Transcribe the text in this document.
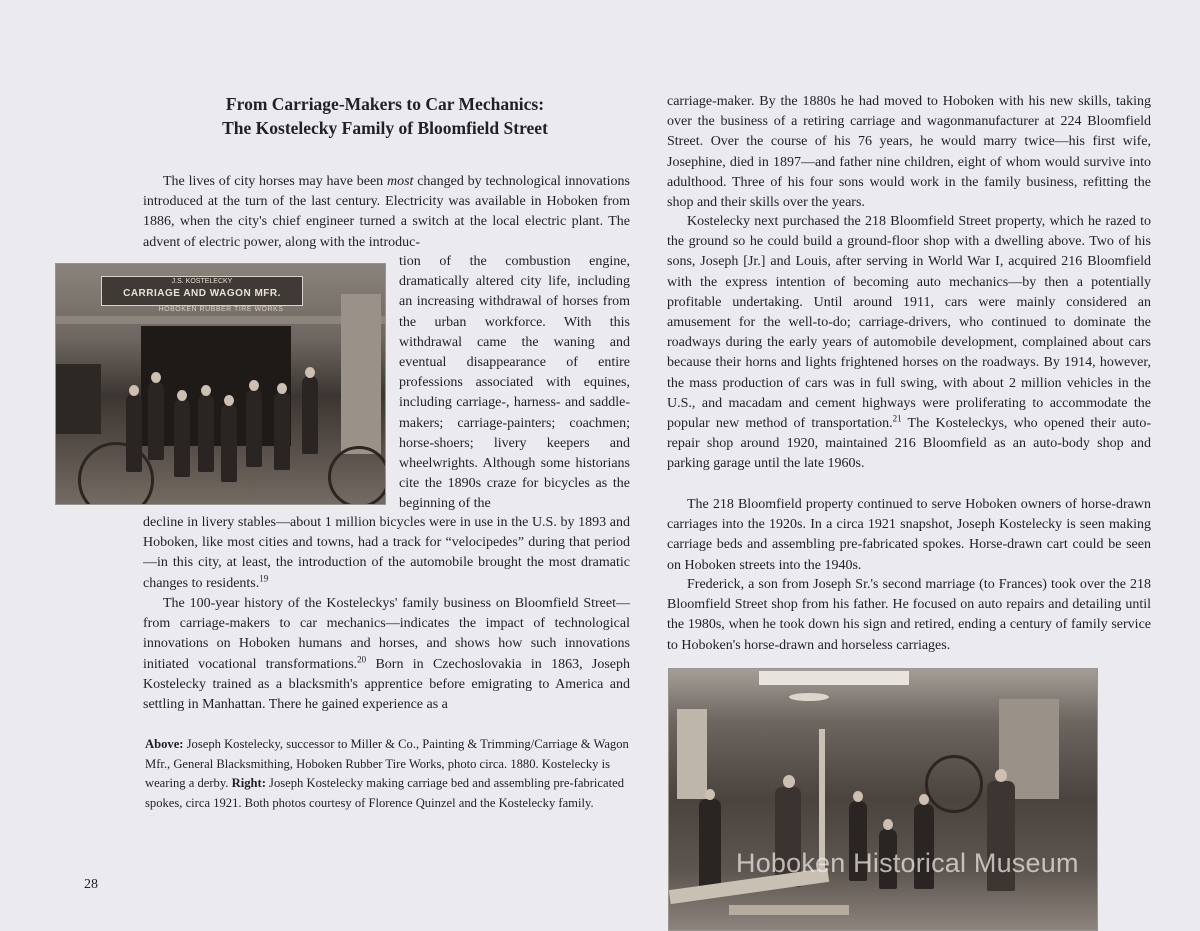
From Carriage-Makers to Car Mechanics:
The Kostelecky Family of Bloomfield Street

The lives of city horses may have been most changed by technological innovations introduced at the turn of the last century. Electricity was available in Hoboken from 1886, when the city's chief engineer turned a switch at the local electric plant. The advent of electric power, along with the introduc-

tion of the combustion engine, dramatically altered city life, including an increasing withdrawal of horses from the urban workforce. With this withdrawal came the waning and eventual disappearance of entire professions associated with equines, including carriage-, harness- and saddle-makers; carriage-painters; coachmen; horse-shoers; livery keepers and wheelwrights. Although some historians cite the 1890s craze for bicycles as the beginning of the

J.S. KOSTELECKY
CARRIAGE AND WAGON MFR.
HOBOKEN RUBBER TIRE WORKS

decline in livery stables—about 1 million bicycles were in use in the U.S. by 1893 and Hoboken, like most cities and towns, had a track for “velocipedes” during that period—in this city, at least, the introduction of the automobile brought the most dramatic changes to residents.$^{19}$

The 100-year history of the Kosteleckys' family business on Bloomfield Street—from carriage-makers to car mechanics—indicates the impact of technological innovations on Hoboken humans and horses, and shows how such innovations initiated vocational transformations.$^{20}$ Born in Czechoslovakia in 1863, Joseph Kostelecky trained as a blacksmith's apprentice before emigrating to America and settling in Manhattan. There he gained experience as a

Above: Joseph Kostelecky, successor to Miller & Co., Painting & Trimming/Carriage & Wagon Mfr., General Blacksmithing, Hoboken Rubber Tire Works, photo circa. 1880. Kostelecky is wearing a derby. Right: Joseph Kostelecky making carriage bed and assembling pre-fabricated spokes, circa 1921. Both photos courtesy of Florence Quinzel and the Kostelecky family.
28

carriage-maker. By the 1880s he had moved to Hoboken with his new skills, taking over the business of a retiring carriage and wagonmanufacturer at 224 Bloomfield Street. Over the course of his 76 years, he would marry twice—his first wife, Josephine, died in 1897—and father nine children, eight of whom would survive into adulthood. Three of his four sons would work in the family business, refitting the shop and their skills over the years.

Kostelecky next purchased the 218 Bloomfield Street property, which he razed to the ground so he could build a ground-floor shop with a dwelling above. Two of his sons, Joseph [Jr.] and Louis, after serving in World War I, acquired 216 Bloomfield with the express intention of becoming auto mechanics—by then a potentially profitable undertaking. Until around 1911, cars were mainly considered an amusement for the well-to-do; carriage-drivers, who continued to dominate the roadways during the early years of automobile development, complained about cars because their horns and lights frightened horses on the roadways. By 1914, however, the mass production of cars was in full swing, with about 2 million vehicles in the U.S., and macadam and cement highways were proliferating to accommodate the popular new method of transportation.$^{21}$ The Kosteleckys, who opened their auto-repair shop around 1920, maintained 216 Bloomfield as an auto-body shop and parking garage until the late 1960s.

The 218 Bloomfield property continued to serve Hoboken owners of horse-drawn carriages into the 1920s. In a circa 1921 snapshot, Joseph Kostelecky is seen making carriage beds and assembling pre-fabricated spokes. Horse-drawn cart could be seen on Hoboken streets into the 1940s.

Frederick, a son from Joseph Sr.'s second marriage (to Frances) took over the 218 Bloomfield Street shop from his father. He focused on auto repairs and detailing until the 1980s, when he took down his sign and retired, ending a century of family service to Hoboken's horse-drawn and horseless carriages.

Hoboken Historical Museum
